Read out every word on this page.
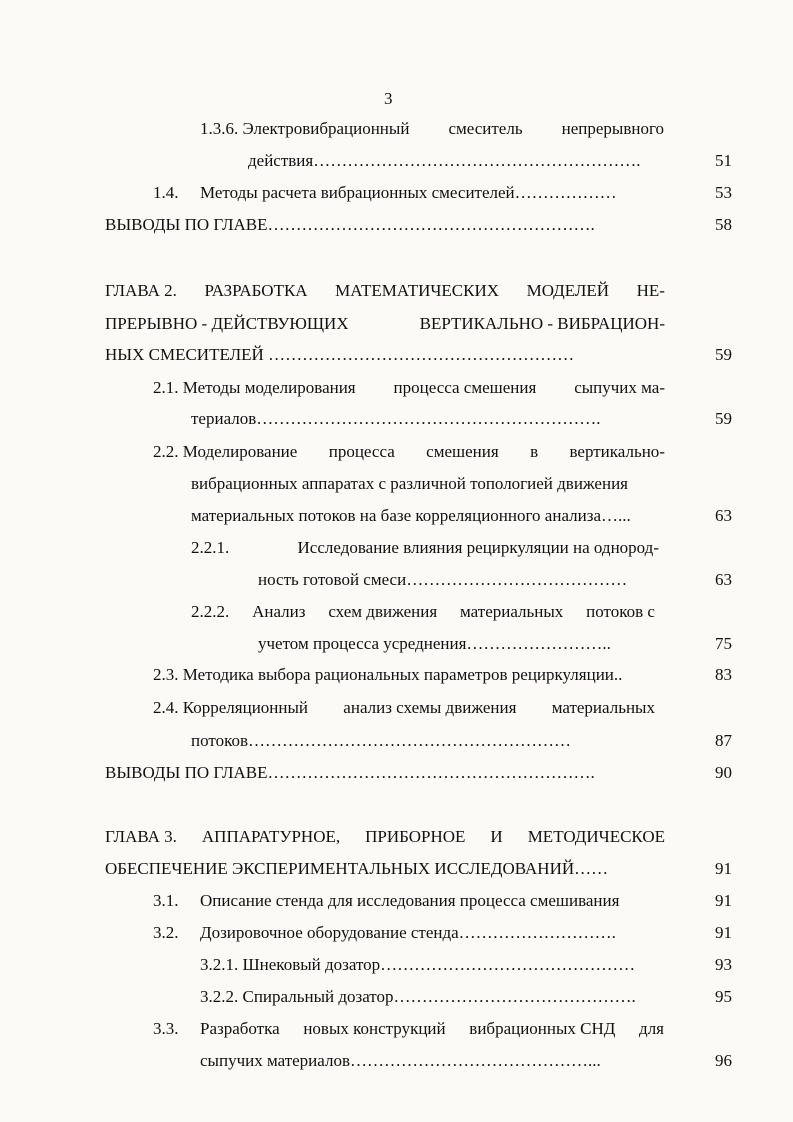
3
1.3.6. Электровибрационный смеситель непрерывного
действия………………………………………………….	51
1.4. Методы расчета вибрационных смесителей………………	53
ВЫВОДЫ ПО ГЛАВЕ………………………………………………….	58
ГЛАВА 2. РАЗРАБОТКА МАТЕМАТИЧЕСКИХ МОДЕЛЕЙ НЕ-
ПРЕРЫВНО - ДЕЙСТВУЮЩИХ	ВЕРТИКАЛЬНО - ВИБРАЦИОН-
НЫХ СМЕСИТЕЛЕЙ ………………………………………………	59
2.1. Методы моделирования процесса смешения сыпучих ма-
териалов…………………………………………………….	59
2.2. Моделирование процесса смешения в вертикально-
вибрационных аппаратах с различной топологией движения
материальных потоков на базе корреляционного анализа…...	63
2.2.1.	Исследование влияния рециркуляции на однород-
ность готовой смеси…………………………………	63
2.2.2. Анализ схем движения материальных потоков с
учетом процесса усреднения……………………..	75
2.3. Методика выбора рациональных параметров рециркуляции..	83
2.4. Корреляционный анализ схемы движения материальных
потоков…………………………………………………	87
ВЫВОДЫ ПО ГЛАВЕ………………………………………………….	90
ГЛАВА 3. АППАРАТУРНОЕ, ПРИБОРНОЕ И МЕТОДИЧЕСКОЕ
ОБЕСПЕЧЕНИЕ ЭКСПЕРИМЕНТАЛЬНЫХ ИССЛЕДОВАНИЙ……	91
3.1. Описание стенда для исследования процесса смешивания	91
3.2. Дозировочное оборудование стенда……………………….	91
3.2.1. Шнековый дозатор………………………………………	93
3.2.2. Спиральный дозатор…………………………………….	95
3.3. Разработка новых конструкций вибрационных СНД для
сыпучих материалов……………………………………...	96
